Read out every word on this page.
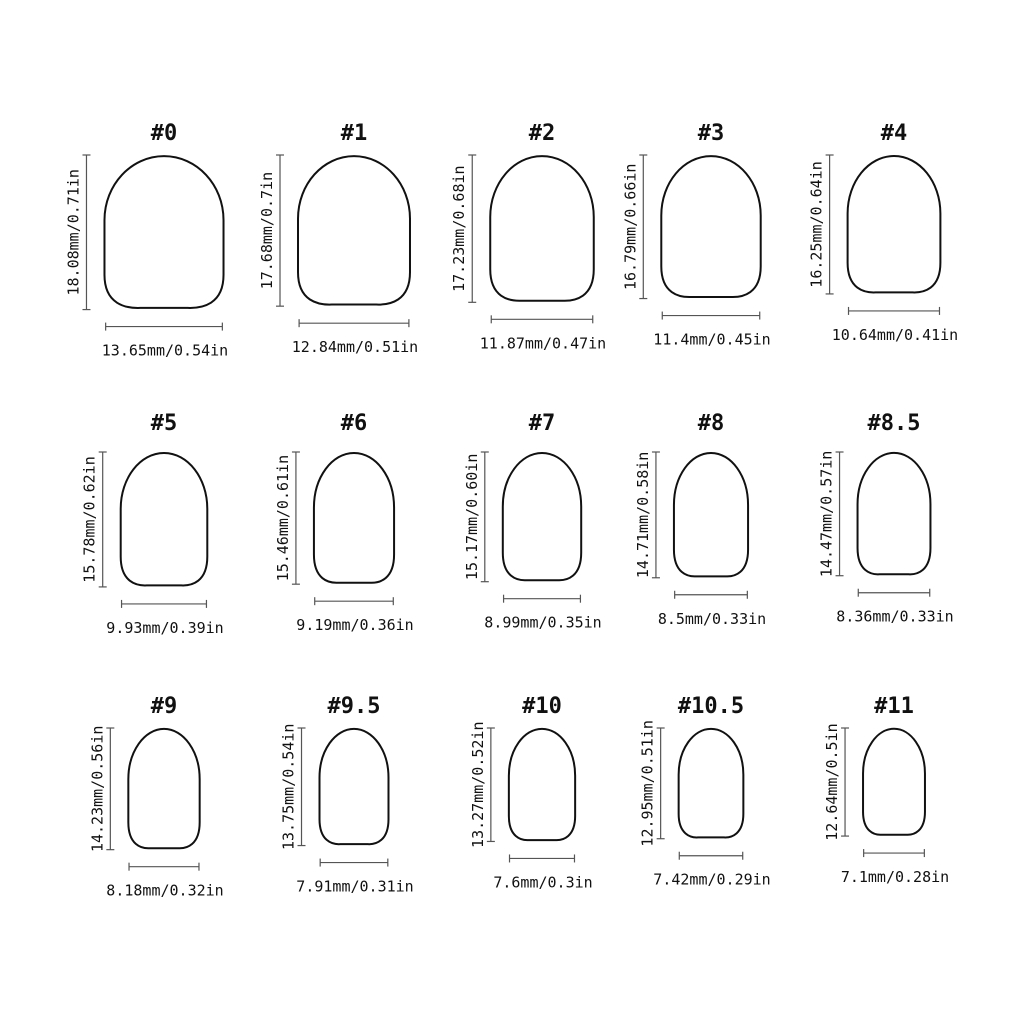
#0
18.08mm/0.71in
13.65mm/0.54in
#1
17.68mm/0.7in
12.84mm/0.51in
#2
17.23mm/0.68in
11.87mm/0.47in
#3
16.79mm/0.66in
11.4mm/0.45in
#4
16.25mm/0.64in
10.64mm/0.41in
#5
15.78mm/0.62in
9.93mm/0.39in
#6
15.46mm/0.61in
9.19mm/0.36in
#7
15.17mm/0.60in
8.99mm/0.35in
#8
14.71mm/0.58in
8.5mm/0.33in
#8.5
14.47mm/0.57in
8.36mm/0.33in
#9
14.23mm/0.56in
8.18mm/0.32in
#9.5
13.75mm/0.54in
7.91mm/0.31in
#10
13.27mm/0.52in
7.6mm/0.3in
#10.5
12.95mm/0.51in
7.42mm/0.29in
#11
12.64mm/0.5in
7.1mm/0.28in
